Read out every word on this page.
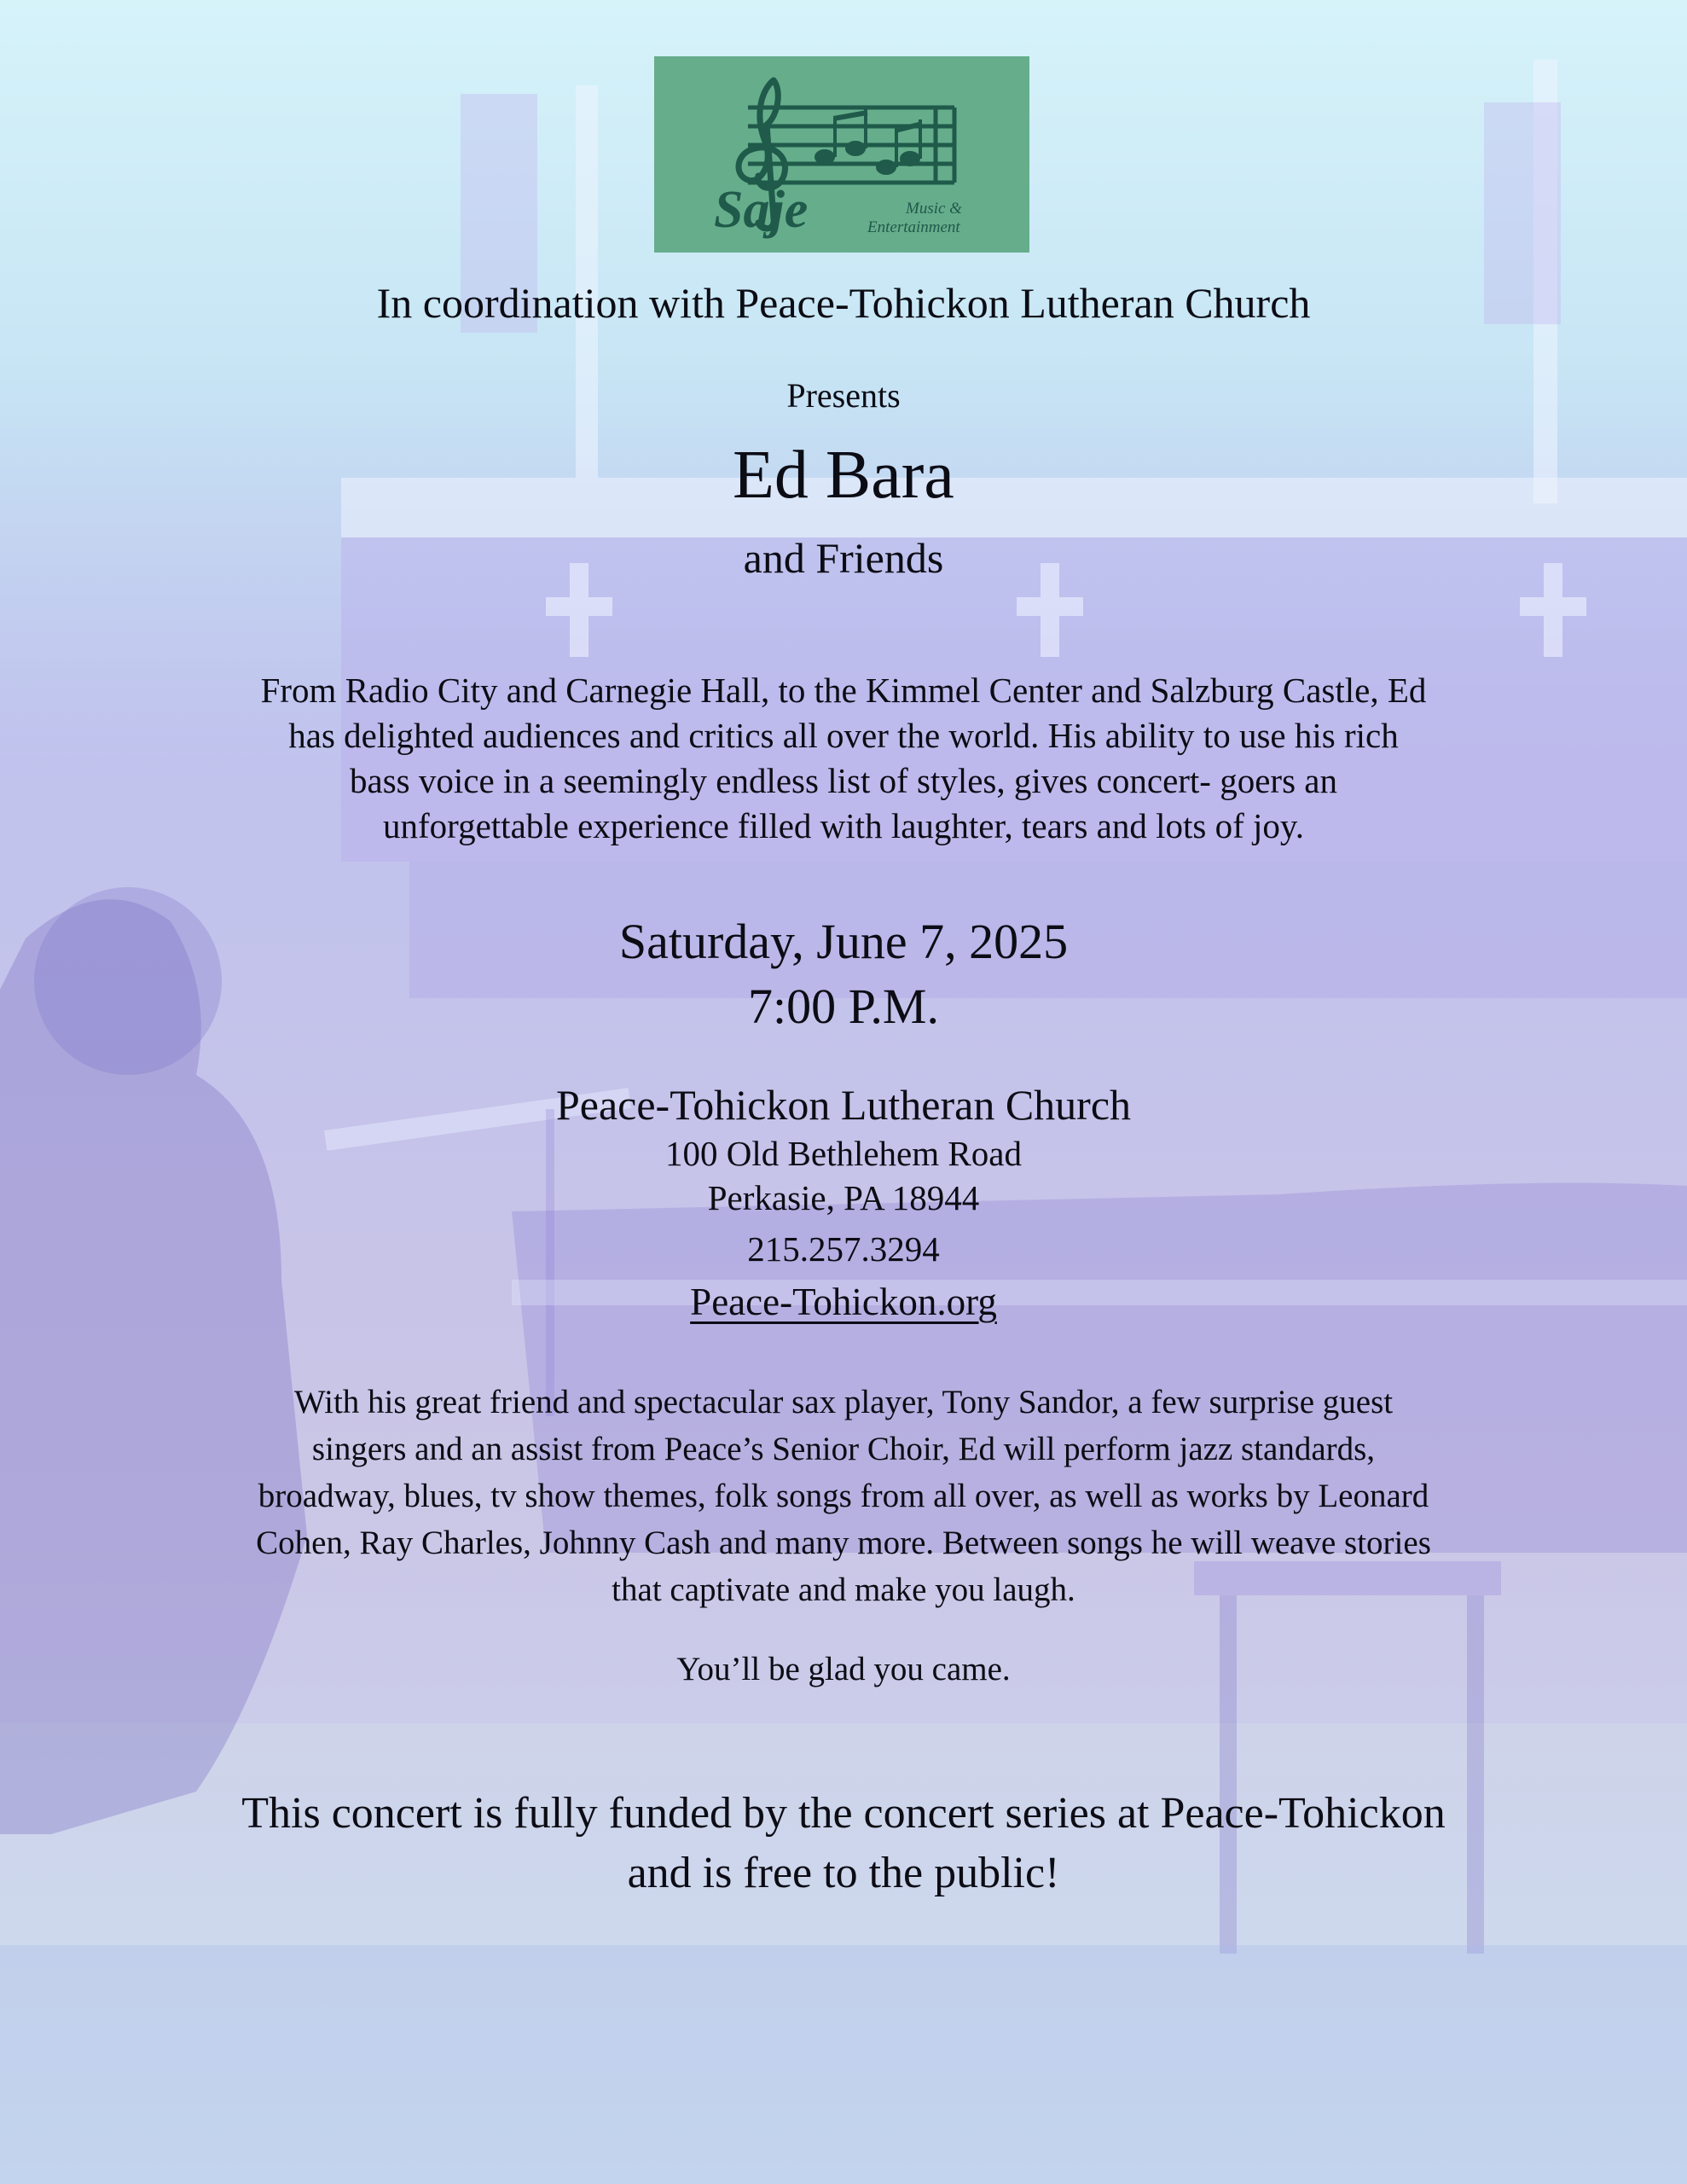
Saje	Music &
Entertainment

In coordination with Peace-Tohickon Lutheran Church

Presents

Ed Bara

and Friends

From Radio City and Carnegie Hall, to the Kimmel Center and Salzburg Castle, Ed
has delighted audiences and critics all over the world. His ability to use his rich
bass voice in a seemingly endless list of styles, gives concert- goers an
unforgettable experience filled with laughter, tears and lots of joy.

Saturday, June 7, 2025

7:00 P.M.

Peace-Tohickon Lutheran Church

100 Old Bethlehem Road

Perkasie, PA 18944

215.257.3294

Peace-Tohickon.org

With his great friend and spectacular sax player, Tony Sandor, a few surprise guest
singers and an assist from Peace’s Senior Choir, Ed will perform jazz standards,
broadway, blues, tv show themes, folk songs from all over, as well as works by Leonard
Cohen, Ray Charles, Johnny Cash and many more. Between songs he will weave stories
that captivate and make you laugh.

You’ll be glad you came.

This concert is fully funded by the concert series at Peace-Tohickon

and is free to the public!
